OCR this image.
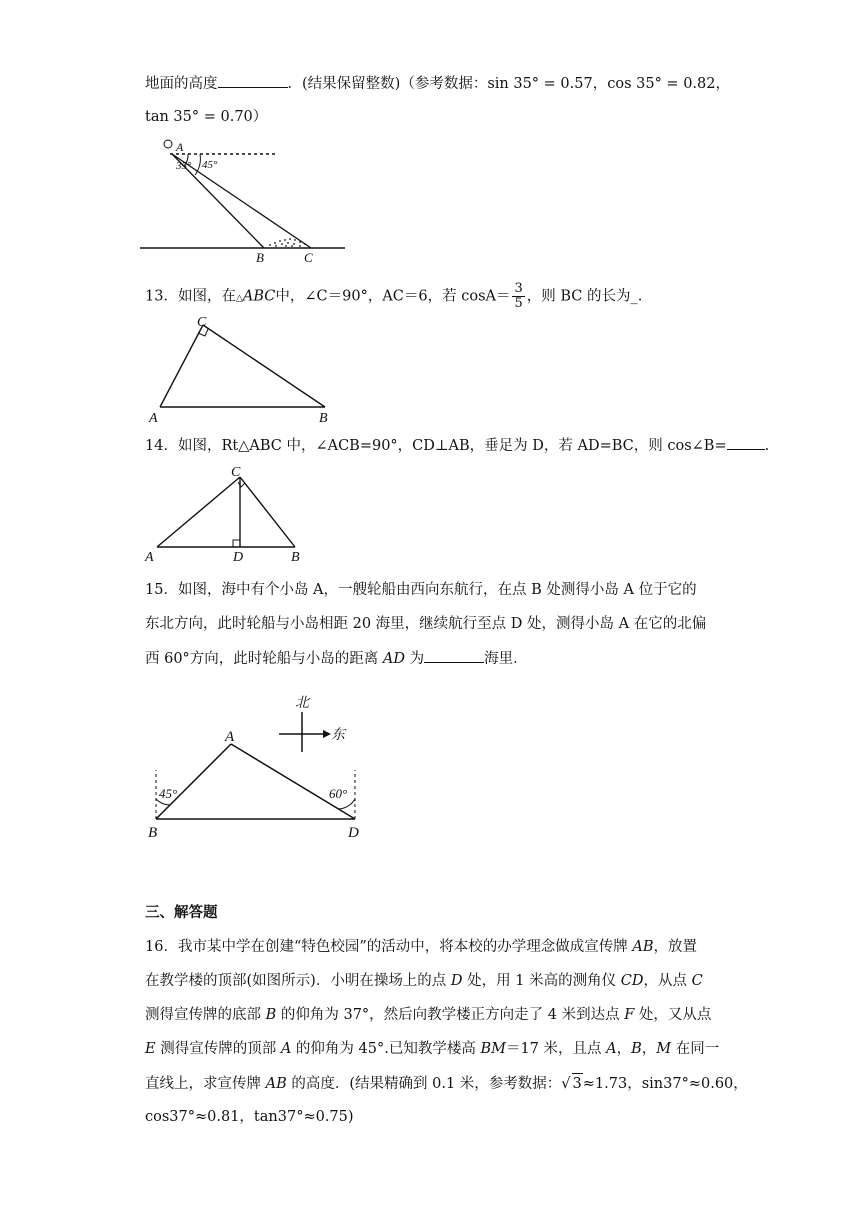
地面的高度	．(结果保留整数)（参考数据：sin 35° = 0.57，cos 35° = 0.82，
tan 35° = 0.70）
A
35° 45°
B	C
13．如图，在△ABC中，∠C＝90°，AC＝6，若 $\cos A= \frac{3}{5}$ ，则 BC 的长为_.
C
A	B
14．如图，Rt△ABC 中，∠ACB=90°，CD⊥AB，垂足为 D，若 AD=BC，则 cos∠B=	.
C
A	D	B
15．如图，海中有个小岛 A，一艘轮船由西向东航行，在点 B 处测得小岛 A 位于它的
东北方向，此时轮船与小岛相距 20 海里，继续航行至点 D 处，测得小岛 A 在它的北偏
西 60°方向，此时轮船与小岛的距离 AD 为	海里．
北
东
A
B	D
45°	60°
三、解答题
16．我市某中学在创建“特色校园”的活动中，将本校的办学理念做成宣传牌 AB，放置
在教学楼的顶部(如图所示)．小明在操场上的点 D 处，用 1 米高的测角仪 CD，从点 C
测得宣传牌的底部 B 的仰角为 37°，然后向教学楼正方向走了 4 米到达点 F 处，又从点
E 测得宣传牌的顶部 A 的仰角为 45°.已知教学楼高 BM＝17 米，且点 A，B，M 在同一
直线上，求宣传牌 AB 的高度．(结果精确到 0.1 米，参考数据：√ 3≈1.73，sin37°≈0.60，
cos37°≈0.81，tan37°≈0.75)
